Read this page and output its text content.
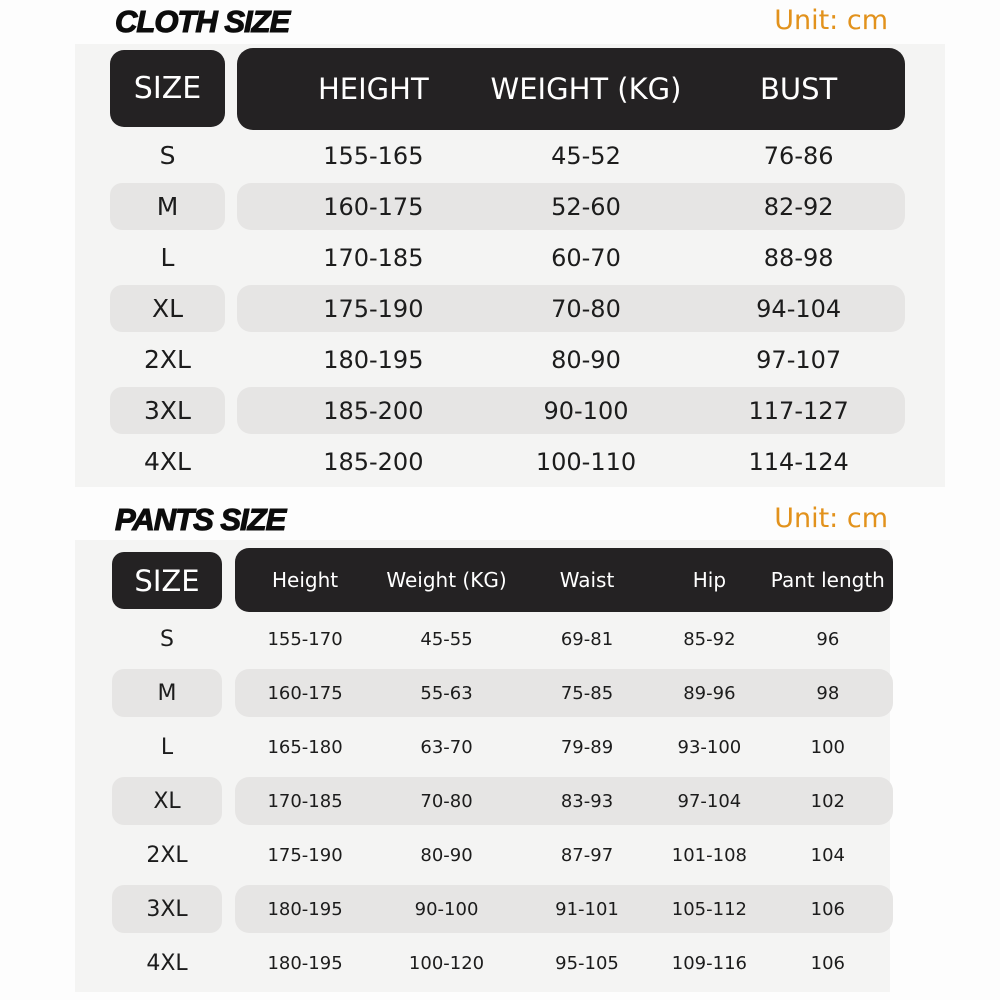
CLOTH SIZE	Unit: cm
SIZE	HEIGHT	WEIGHT (KG)	BUST
S	155-165	45-52	76-86
M	160-175	52-60	82-92
L	170-185	60-70	88-98
XL	175-190	70-80	94-104
2XL	180-195	80-90	97-107
3XL	185-200	90-100	117-127
4XL	185-200	100-110	114-124
PANTS SIZE	Unit: cm
SIZE	Height	Weight (KG)	Waist	Hip	Pant length
S	155-170	45-55	69-81	85-92	96
M	160-175	55-63	75-85	89-96	98
L	165-180	63-70	79-89	93-100	100
XL	170-185	70-80	83-93	97-104	102
2XL	175-190	80-90	87-97	101-108	104
3XL	180-195	90-100	91-101	105-112	106
4XL	180-195	100-120	95-105	109-116	106
